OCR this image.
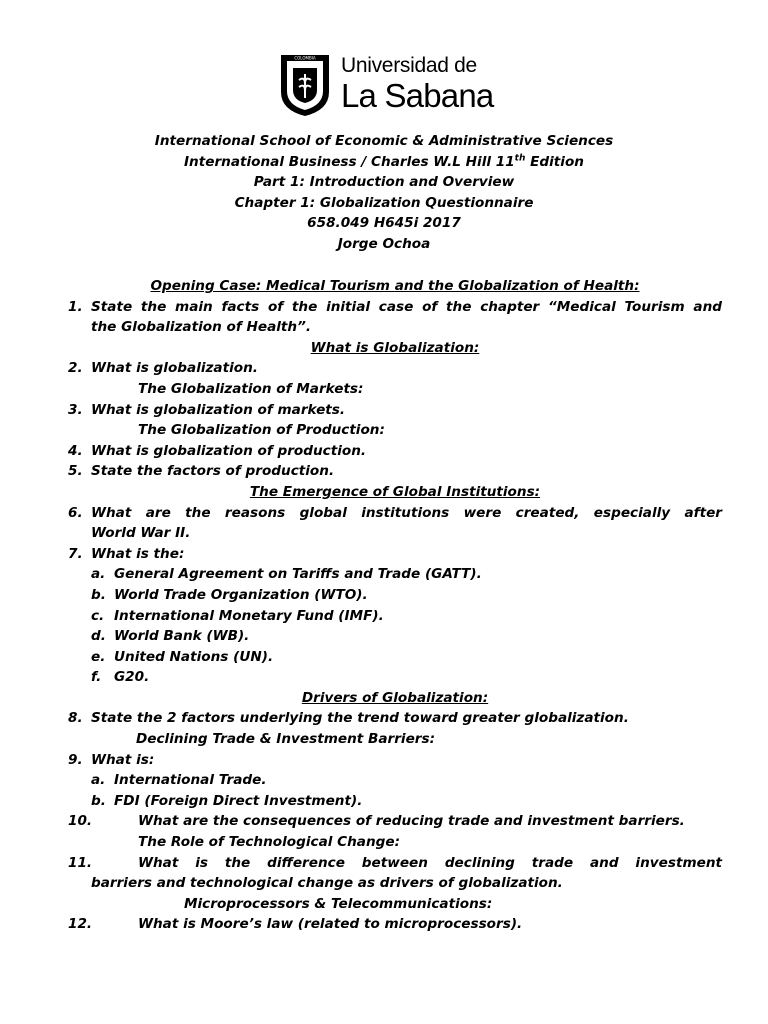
COLOMBIA Universidad de
La Sabana
International School of Economic & Administrative Sciences
International Business / Charles W.L Hill 11th Edition
Part 1: Introduction and Overview
Chapter 1: Globalization Questionnaire
658.049 H645i 2017
Jorge Ochoa
Opening Case: Medical Tourism and the Globalization of Health:
1. State the main facts of the initial case of the chapter “Medical Tourism and
the Globalization of Health”.
What is Globalization:
2. What is globalization.
The Globalization of Markets:
3. What is globalization of markets.
The Globalization of Production:
4. What is globalization of production.
5. State the factors of production.
The Emergence of Global Institutions:
6. What are the reasons global institutions were created, especially after
World War II.
7. What is the:
a. General Agreement on Tariffs and Trade (GATT).
b. World Trade Organization (WTO).
c. International Monetary Fund (IMF).
d. World Bank (WB).
e. United Nations (UN).
f. G20.
Drivers of Globalization:
8. State the 2 factors underlying the trend toward greater globalization.
Declining Trade & Investment Barriers:
9. What is:
a. International Trade.
b. FDI (Foreign Direct Investment).
10.	What are the consequences of reducing trade and investment barriers.
The Role of Technological Change:
11.	What is the difference between declining trade and investment
barriers and technological change as drivers of globalization.
Microprocessors & Telecommunications:
12.	What is Moore’s law (related to microprocessors).
